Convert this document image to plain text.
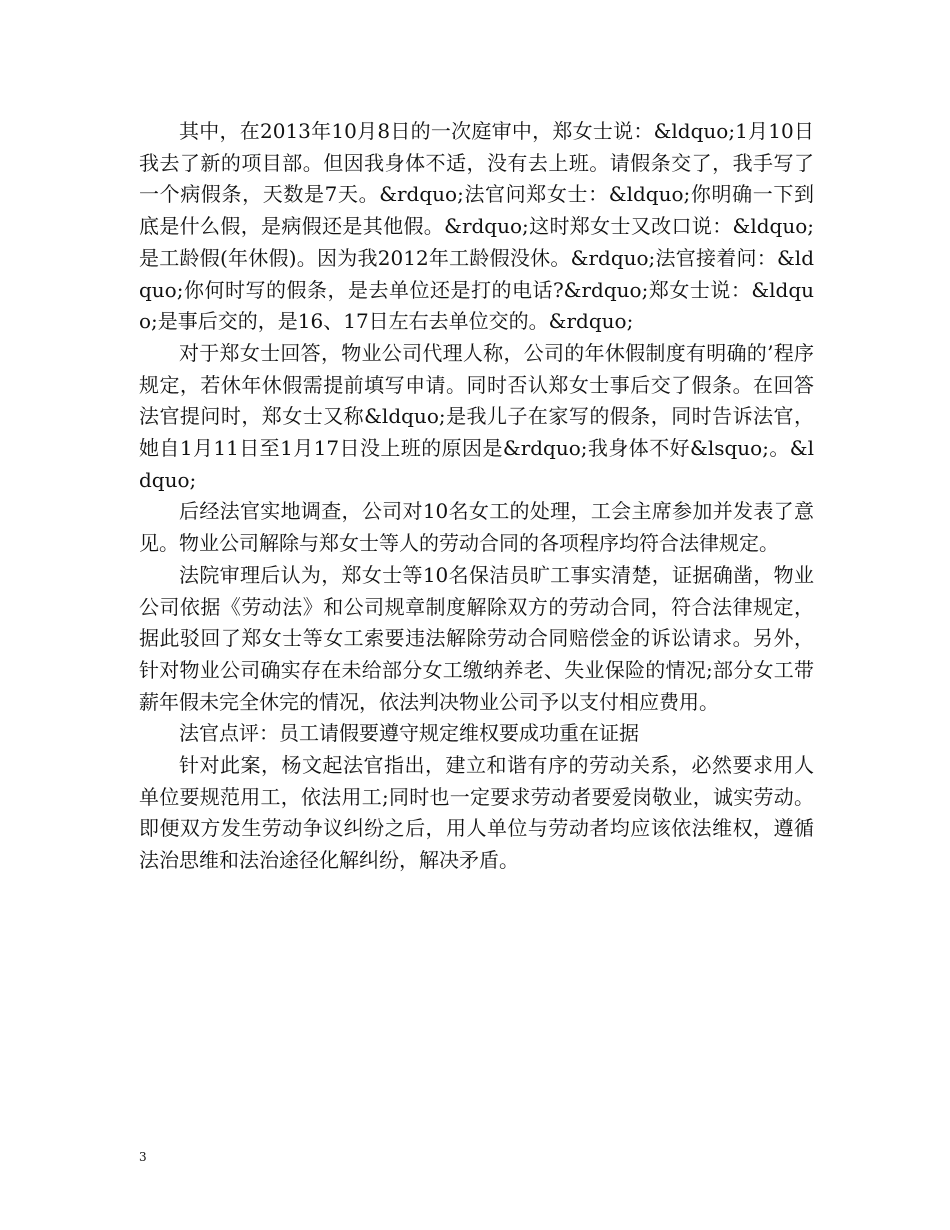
其中，在2013年10月8日的一次庭审中，郑女士说：&ldquo;1月10日我去了新的项目部。但因我身体不适，没有去上班。请假条交了，我手写了一个病假条，天数是7天。&rdquo;法官问郑女士：&ldquo;你明确一下到底是什么假，是病假还是其他假。&rdquo;这时郑女士又改口说：&ldquo;是工龄假(年休假)。因为我2012年工龄假没休。&rdquo;法官接着问：&ldquo;你何时写的假条，是去单位还是打的电话?&rdquo;郑女士说：&ldquo;是事后交的，是16、17日左右去单位交的。&rdquo;

对于郑女士回答，物业公司代理人称，公司的年休假制度有明确的’程序规定，若休年休假需提前填写申请。同时否认郑女士事后交了假条。在回答法官提问时，郑女士又称&ldquo;是我儿子在家写的假条，同时告诉法官，她自1月11日至1月17日没上班的原因是&rdquo;我身体不好&lsquo;。&ldquo;

后经法官实地调查，公司对10名女工的处理，工会主席参加并发表了意见。物业公司解除与郑女士等人的劳动合同的各项程序均符合法律规定。

法院审理后认为，郑女士等10名保洁员旷工事实清楚，证据确凿，物业公司依据《劳动法》和公司规章制度解除双方的劳动合同，符合法律规定，据此驳回了郑女士等女工索要违法解除劳动合同赔偿金的诉讼请求。另外，针对物业公司确实存在未给部分女工缴纳养老、失业保险的情况;部分女工带薪年假未完全休完的情况，依法判决物业公司予以支付相应费用。

法官点评：员工请假要遵守规定维权要成功重在证据

针对此案，杨文起法官指出，建立和谐有序的劳动关系，必然要求用人单位要规范用工，依法用工;同时也一定要求劳动者要爱岗敬业，诚实劳动。即便双方发生劳动争议纠纷之后，用人单位与劳动者均应该依法维权，遵循法治思维和法治途径化解纠纷，解决矛盾。

3
